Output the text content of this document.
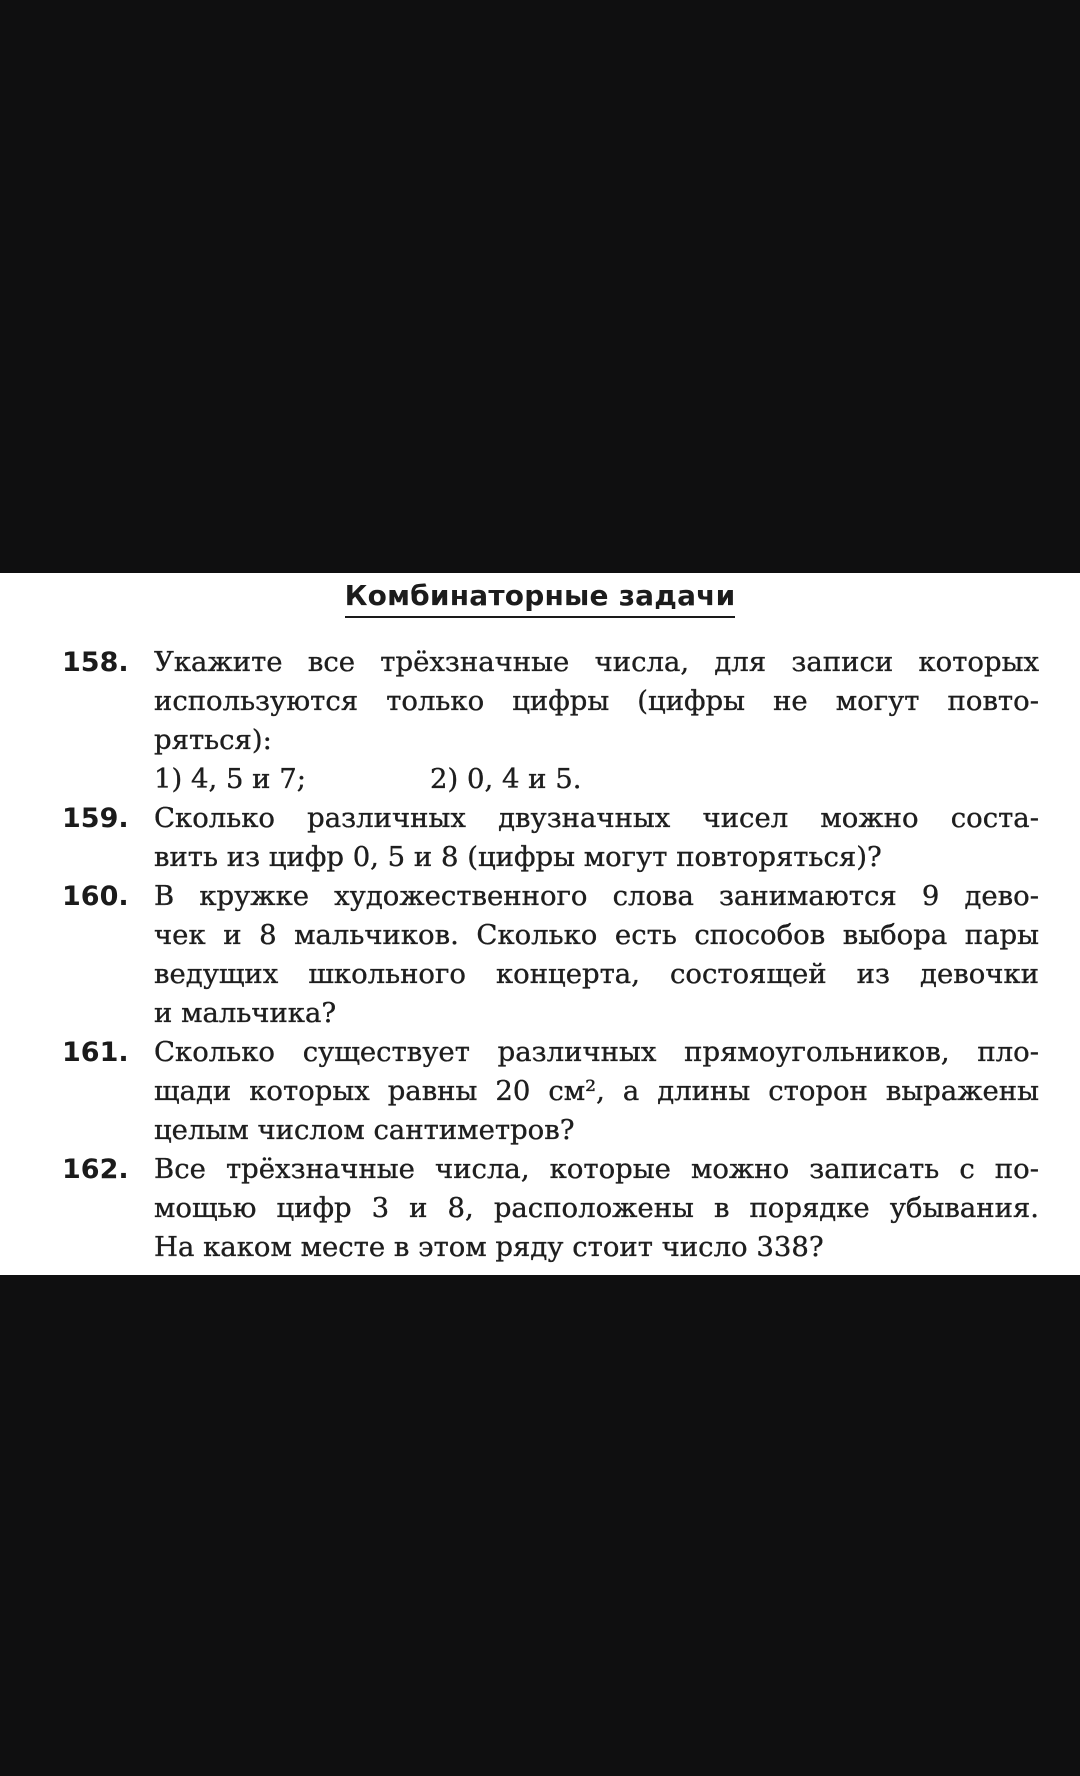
Комбинаторные задачи
158. Укажите все трёхзначные числа, для записи которых
используются только цифры (цифры не могут повто-
ряться):
1) 4, 5 и 7;	2) 0, 4 и 5.
159. Сколько различных двузначных чисел можно соста-
вить из цифр 0, 5 и 8 (цифры могут повторяться)?
160. В кружке художественного слова занимаются 9 дево-
чек и 8 мальчиков. Сколько есть способов выбора пары
ведущих школьного концерта, состоящей из девочки
и мальчика?
161. Сколько существует различных прямоугольников, пло-
щади которых равны 20 см², а длины сторон выражены
целым числом сантиметров?
162. Все трёхзначные числа, которые можно записать с по-
мощью цифр 3 и 8, расположены в порядке убывания.
На каком месте в этом ряду стоит число 338?
